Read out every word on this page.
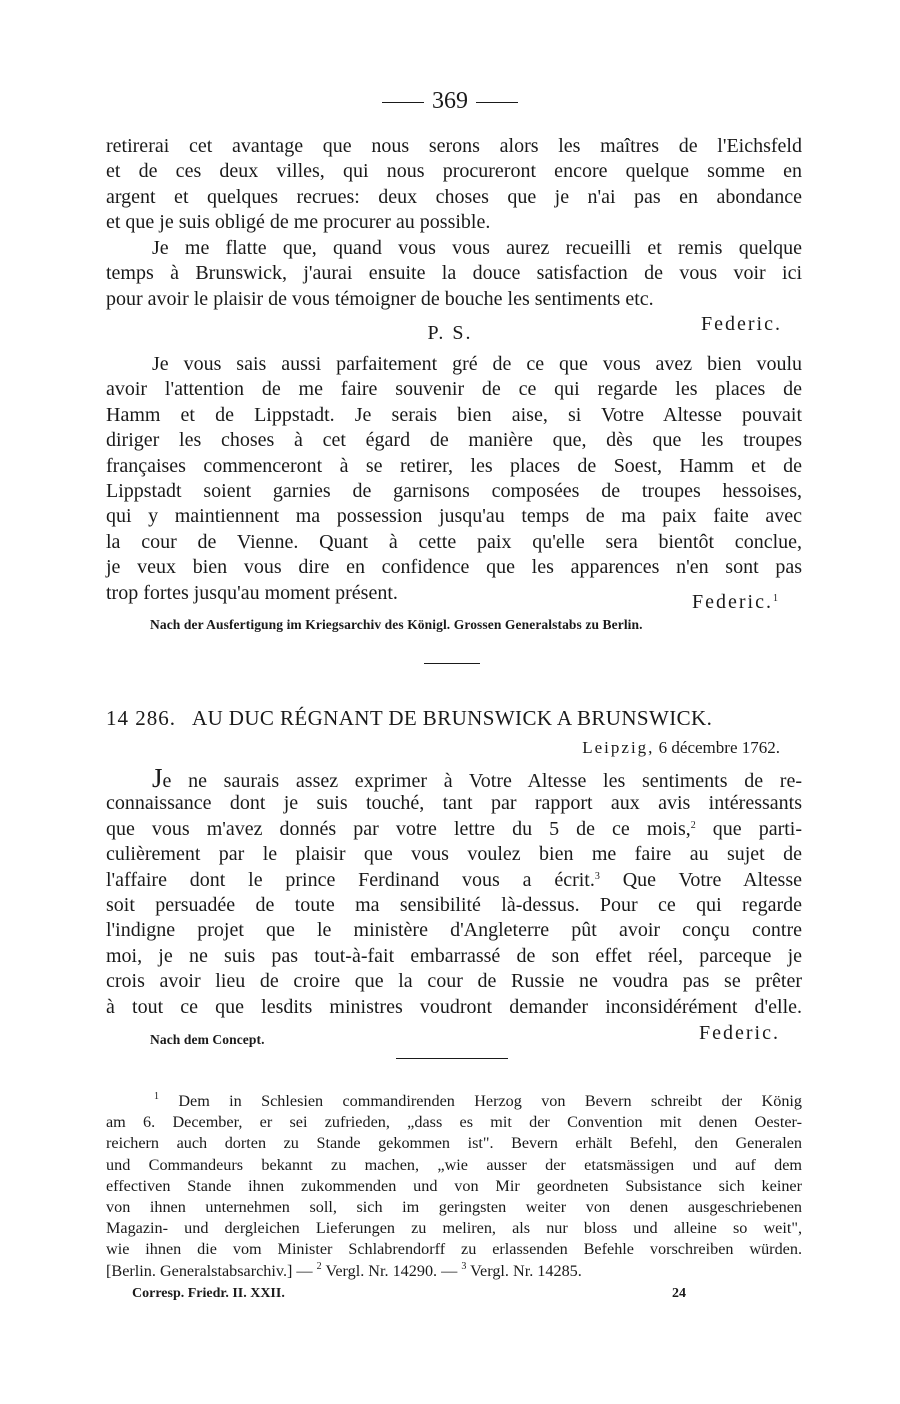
369
retirerai cet avantage que nous serons alors les maîtres de l'Eichsfeld
et de ces deux villes, qui nous procureront encore quelque somme en
argent et quelques recrues: deux choses que je n'ai pas en abondance
et que je suis obligé de me procurer au possible.
Je me flatte que, quand vous vous aurez recueilli et remis quelque
temps à Brunswick, j'aurai ensuite la douce satisfaction de vous voir ici
pour avoir le plaisir de vous témoigner de bouche les sentiments etc.
Federic.
P. S.
Je vous sais aussi parfaitement gré de ce que vous avez bien voulu
avoir l'attention de me faire souvenir de ce qui regarde les places de
Hamm et de Lippstadt. Je serais bien aise, si Votre Altesse pouvait
diriger les choses à cet égard de manière que, dès que les troupes
françaises commenceront à se retirer, les places de Soest, Hamm et de
Lippstadt soient garnies de garnisons composées de troupes hessoises,
qui y maintiennent ma possession jusqu'au temps de ma paix faite avec
la cour de Vienne. Quant à cette paix qu'elle sera bientôt conclue,
je veux bien vous dire en confidence que les apparences n'en sont pas
trop fortes jusqu'au moment présent.	Federic.$^1$
Nach der Ausfertigung im Kriegsarchiv des Königl. Grossen Generalstabs zu Berlin.
14 286. AU DUC RÉGNANT DE BRUNSWICK A BRUNSWICK.
Leipzig, 6 décembre 1762.
Je ne saurais assez exprimer à Votre Altesse les sentiments de re-
connaissance dont je suis touché, tant par rapport aux avis intéressants
que vous m'avez donnés par votre lettre du 5 de ce mois,$^2$ que parti-
culièrement par le plaisir que vous voulez bien me faire au sujet de
l'affaire dont le prince Ferdinand vous a écrit.$^3$ Que Votre Altesse
soit persuadée de toute ma sensibilité là-dessus. Pour ce qui regarde
l'indigne projet que le ministère d'Angleterre pût avoir conçu contre
moi, je ne suis pas tout-à-fait embarrassé de son effet réel, parceque je
crois avoir lieu de croire que la cour de Russie ne voudra pas se prêter
à tout ce que lesdits ministres voudront demander inconsidérément d'elle.
Nach dem Concept.	Federic.
$^1$ Dem in Schlesien commandirenden Herzog von Bevern schreibt der König
am 6. December, er sei zufrieden, „dass es mit der Convention mit denen Oester-
reichern auch dorten zu Stande gekommen ist". Bevern erhält Befehl, den Generalen
und Commandeurs bekannt zu machen, „wie ausser der etatsmässigen und auf dem
effectiven Stande ihnen zukommenden und von Mir geordneten Subsistance sich keiner
von ihnen unternehmen soll, sich im geringsten weiter von denen ausgeschriebenen
Magazin- und dergleichen Lieferungen zu meliren, als nur bloss und alleine so weit",
wie ihnen die vom Minister Schlabrendorff zu erlassenden Befehle vorschreiben würden.
[Berlin. Generalstabsarchiv.] — $^2$ Vergl. Nr. 14290. — $^3$ Vergl. Nr. 14285.
Corresp. Friedr. II. XXII.	24
